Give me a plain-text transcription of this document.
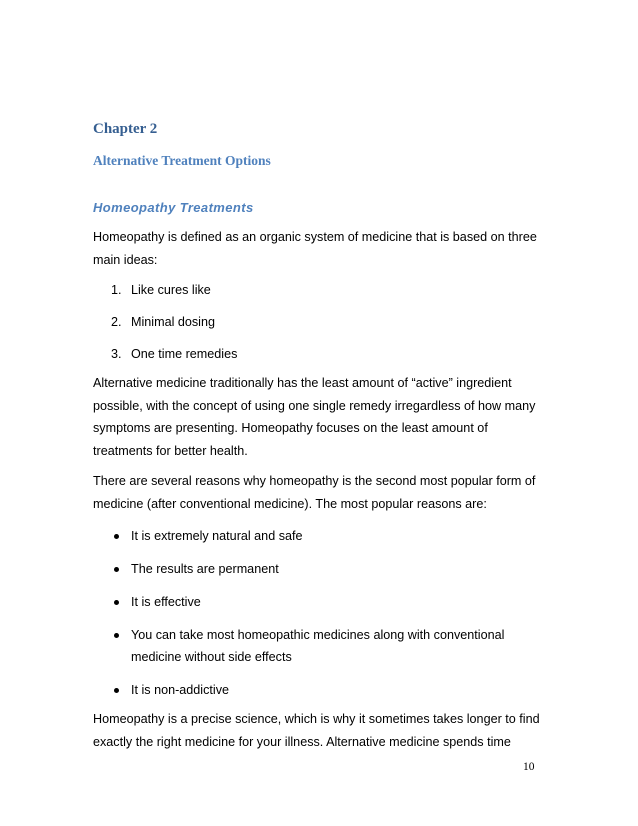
Chapter 2
Alternative Treatment Options
Homeopathy Treatments

Homeopathy is defined as an organic system of medicine that is based on three main ideas:

1. Like cures like
2. Minimal dosing
3. One time remedies

Alternative medicine traditionally has the least amount of “active” ingredient possible, with the concept of using one single remedy irregardless of how many symptoms are presenting. Homeopathy focuses on the least amount of treatments for better health.

There are several reasons why homeopathy is the second most popular form of medicine (after conventional medicine). The most popular reasons are:

It is extremely natural and safe
The results are permanent
It is effective
You can take most homeopathic medicines along with conventional medicine without side effects
It is non-addictive

Homeopathy is a precise science, which is why it sometimes takes longer to find exactly the right medicine for your illness. Alternative medicine spends time

10
